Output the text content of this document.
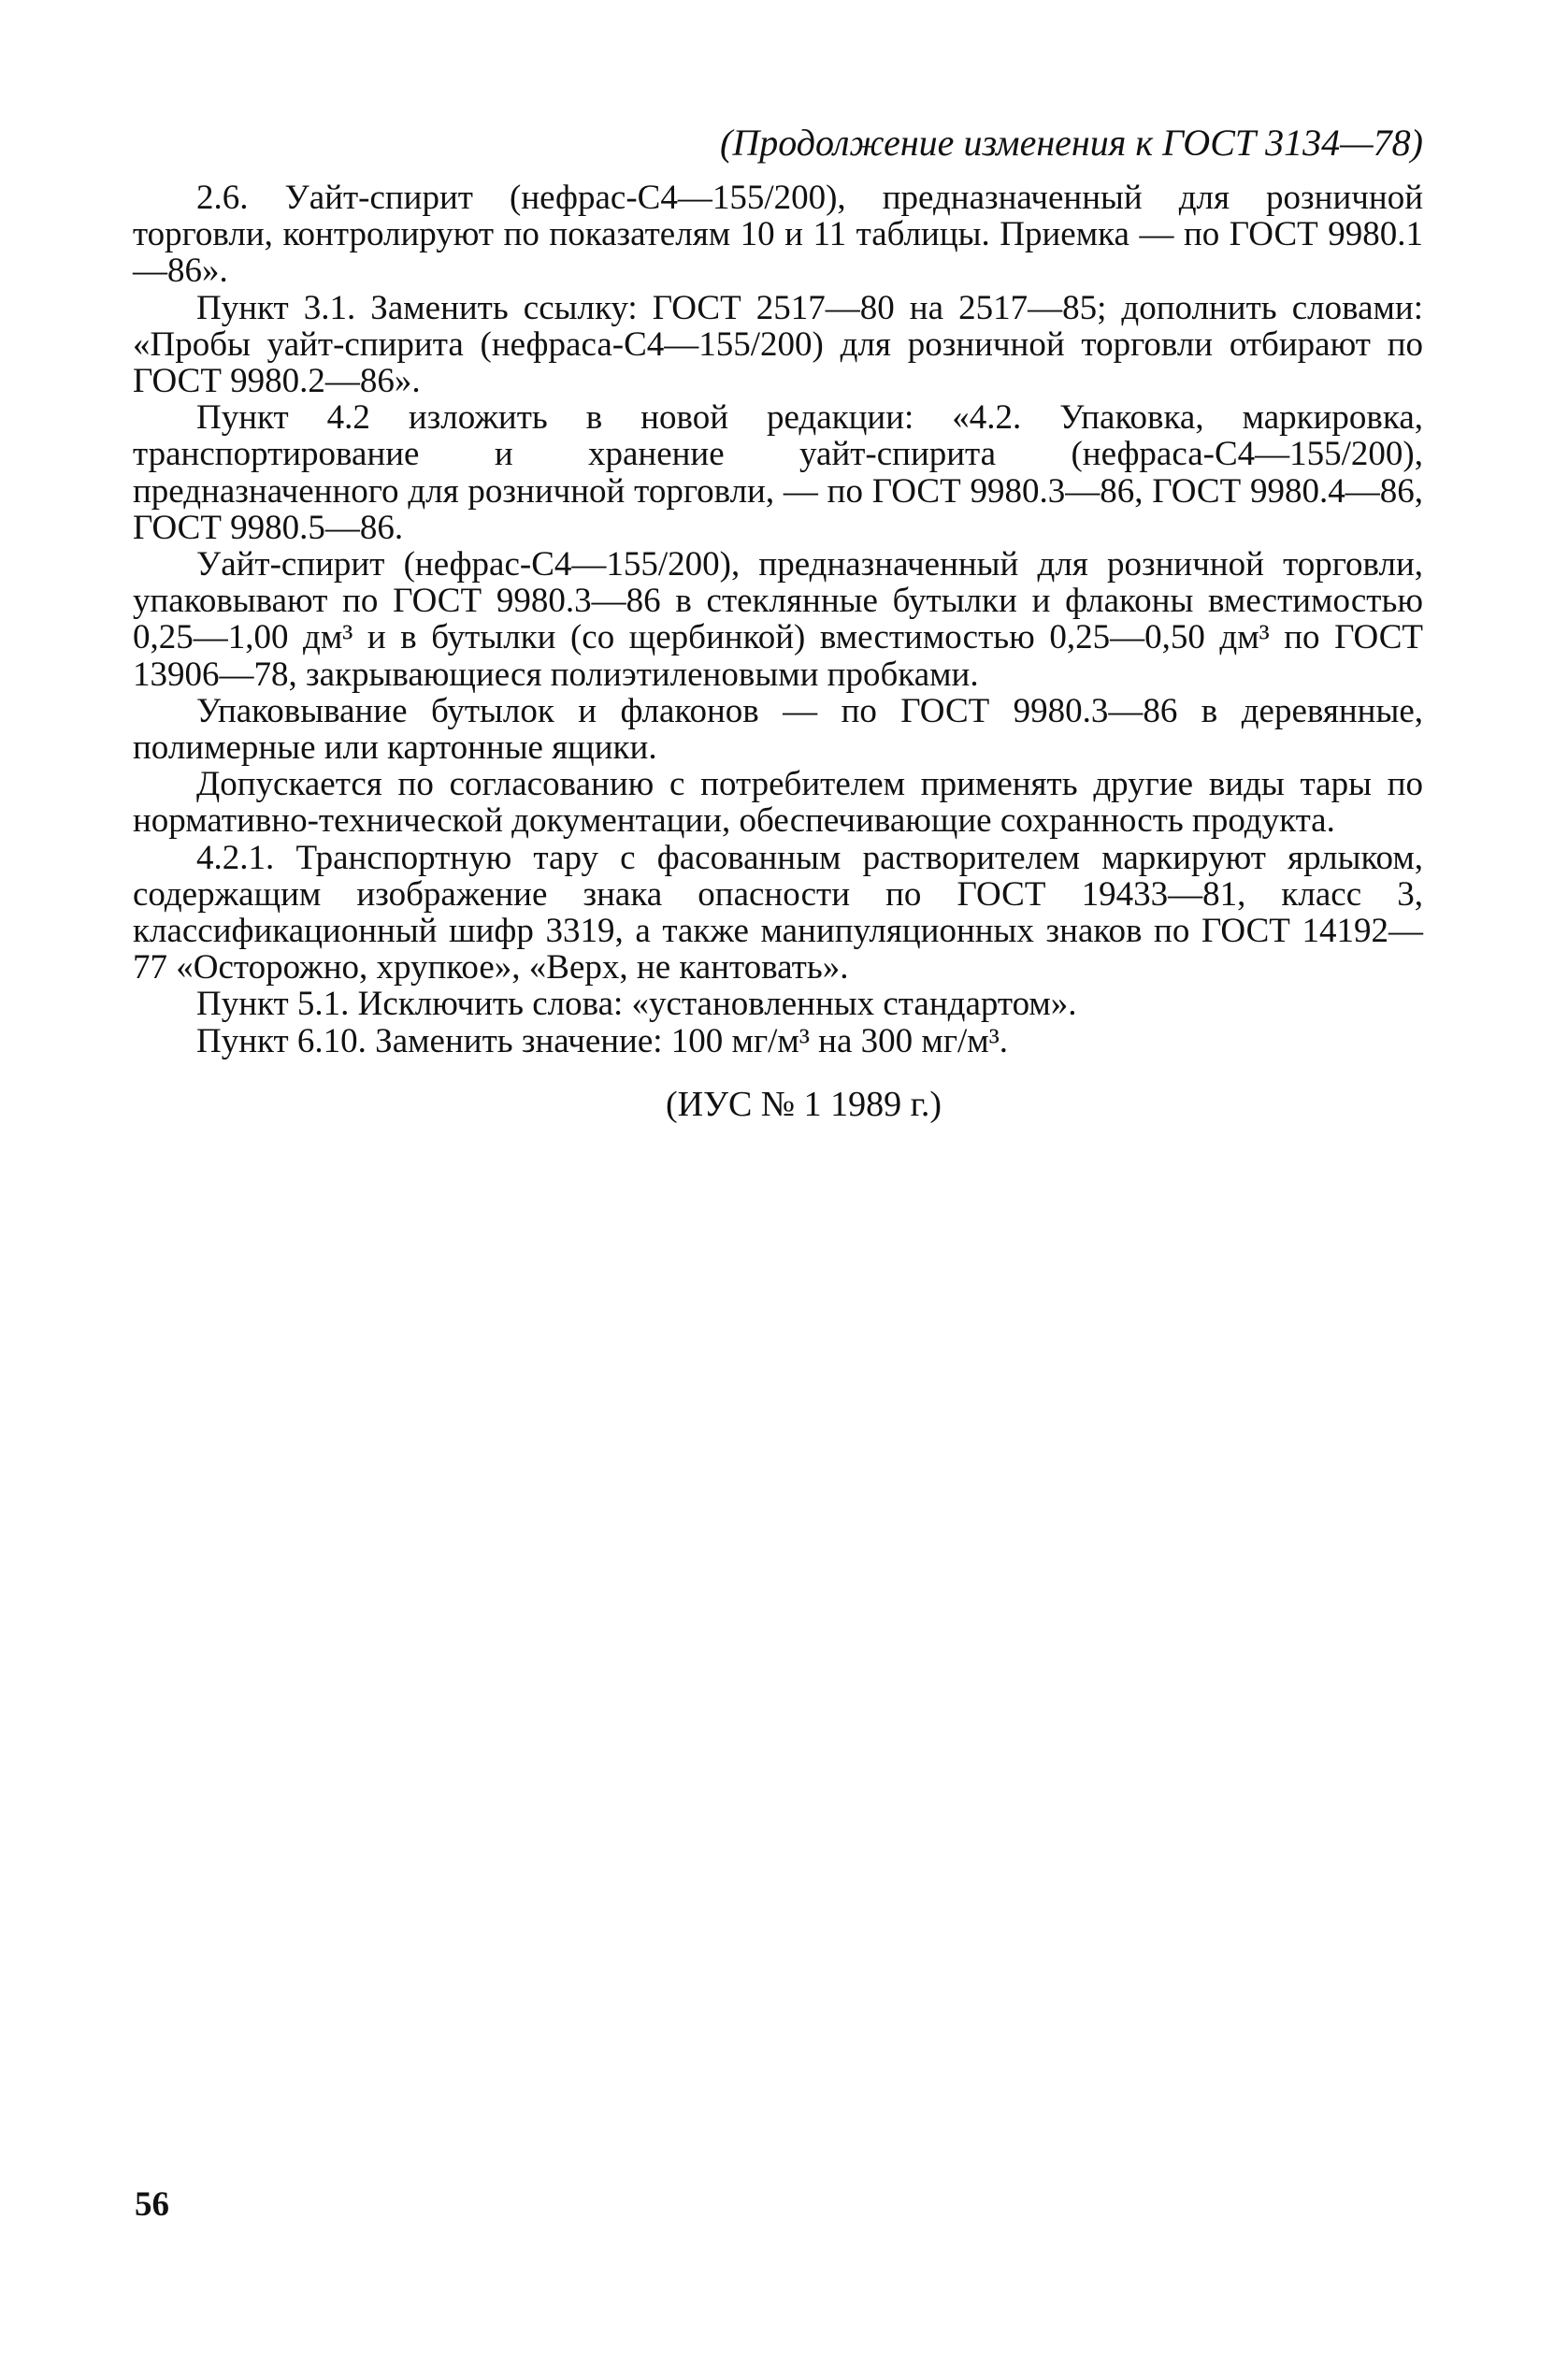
(Продолжение изменения к ГОСТ 3134—78)

2.6. Уайт-спирит (нефрас-С4—155/200), предназначенный для розничной торговли, контролируют по показателям 10 и 11 таблицы. Приемка — по ГОСТ 9980.1—86».

Пункт 3.1. Заменить ссылку: ГОСТ 2517—80 на 2517—85; дополнить словами: «Пробы уайт-спирита (нефраса-С4—155/200) для розничной торговли отбирают по ГОСТ 9980.2—86».

Пункт 4.2 изложить в новой редакции: «4.2. Упаковка, маркировка, транспортирование и хранение уайт-спирита (нефраса-С4—155/200), предназначенного для розничной торговли, — по ГОСТ 9980.3—86, ГОСТ 9980.4—86, ГОСТ 9980.5—86.

Уайт-спирит (нефрас-С4—155/200), предназначенный для розничной торговли, упаковывают по ГОСТ 9980.3—86 в стеклянные бутылки и флаконы вместимостью 0,25—1,00 дм³ и в бутылки (со щербинкой) вместимостью 0,25—0,50 дм³ по ГОСТ 13906—78, закрывающиеся полиэтиленовыми пробками.

Упаковывание бутылок и флаконов — по ГОСТ 9980.3—86 в деревянные, полимерные или картонные ящики.

Допускается по согласованию с потребителем применять другие виды тары по нормативно-технической документации, обеспечивающие сохранность продукта.

4.2.1. Транспортную тару с фасованным растворителем маркируют ярлыком, содержащим изображение знака опасности по ГОСТ 19433—81, класс 3, классификационный шифр 3319, а также манипуляционных знаков по ГОСТ 14192—77 «Осторожно, хрупкое», «Верх, не кантовать».

Пункт 5.1. Исключить слова: «установленных стандартом».

Пункт 6.10. Заменить значение: 100 мг/м³ на 300 мг/м³.

(ИУС № 1 1989 г.)

56
